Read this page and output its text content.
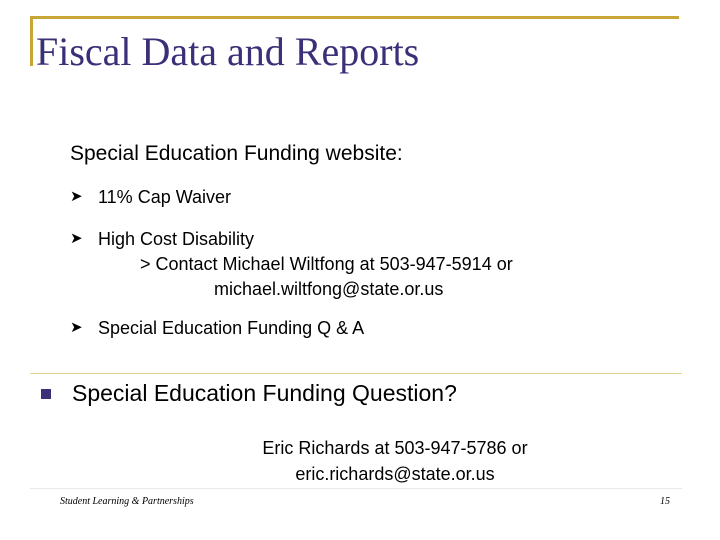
Fiscal Data and Reports
Special Education Funding website:
➤ 11% Cap Waiver
➤ High Cost Disability
> Contact Michael Wiltfong at 503-947-5914 or
michael.wiltfong@state.or.us
➤ Special Education Funding Q & A
Special Education Funding Question?
Eric Richards at 503-947-5786 or
eric.richards@state.or.us
Student Learning & Partnerships	15
